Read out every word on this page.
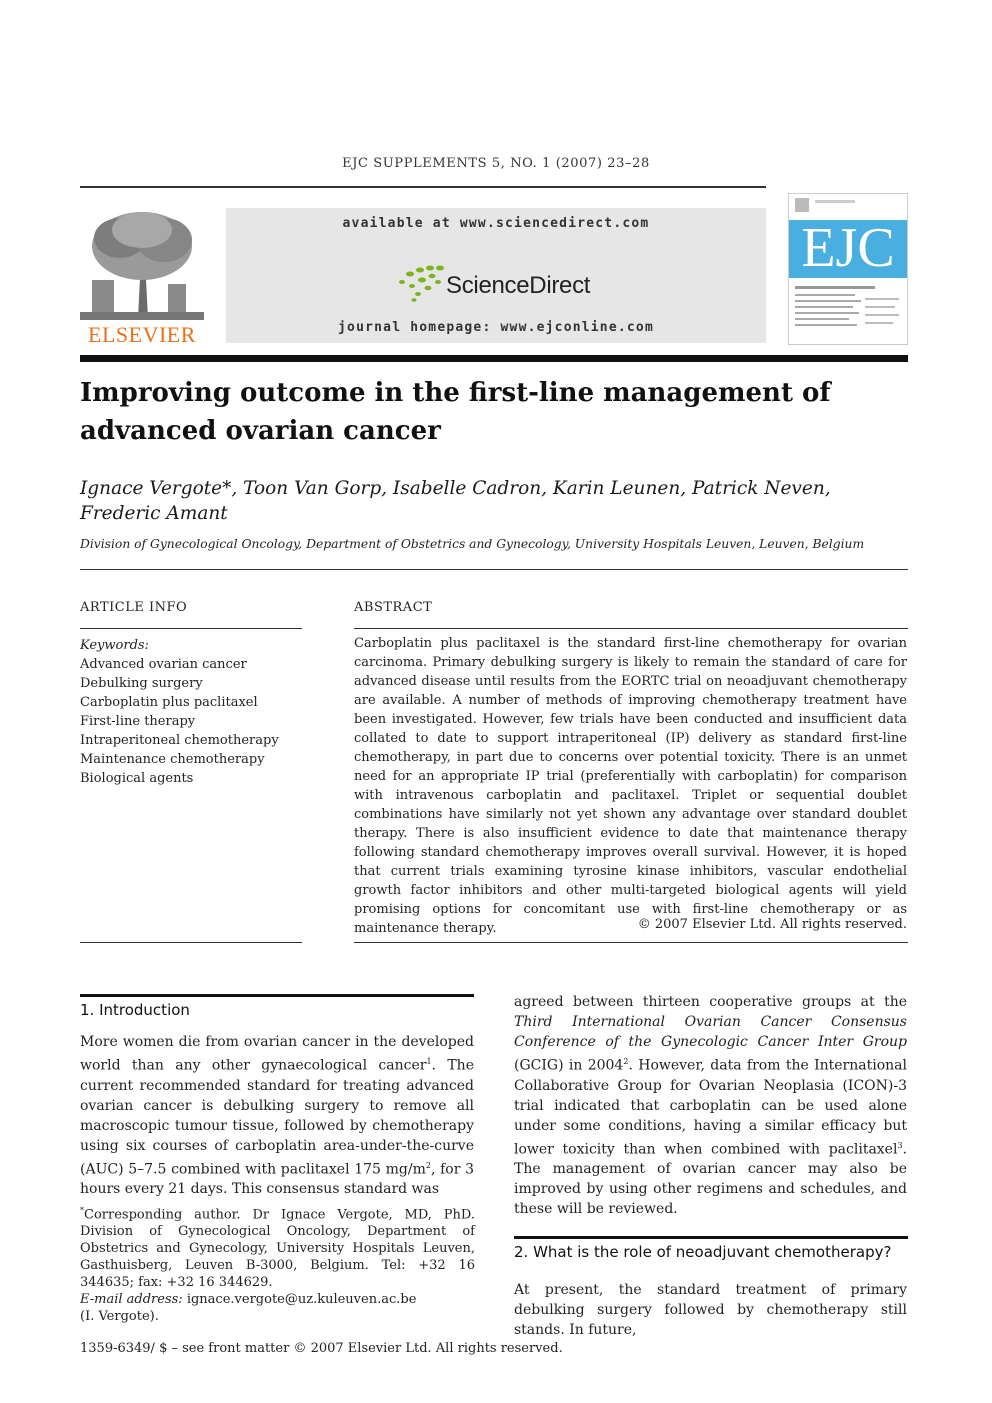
EJC SUPPLEMENTS 5, NO. 1 (2007) 23–28
ELSEVIER
available at www.sciencedirect.com
ScienceDirect
journal homepage: www.ejconline.com
EJC
Improving outcome in the first-line management of advanced ovarian cancer
Ignace Vergote*, Toon Van Gorp, Isabelle Cadron, Karin Leunen, Patrick Neven,
Frederic Amant
Division of Gynecological Oncology, Department of Obstetrics and Gynecology, University Hospitals Leuven, Leuven, Belgium
ARTICLE INFO
Keywords:
Advanced ovarian cancer
Debulking surgery
Carboplatin plus paclitaxel
First-line therapy
Intraperitoneal chemotherapy
Maintenance chemotherapy
Biological agents
ABSTRACT
Carboplatin plus paclitaxel is the standard first-line chemotherapy for ovarian carcinoma. Primary debulking surgery is likely to remain the standard of care for advanced disease until results from the EORTC trial on neoadjuvant chemotherapy are available. A number of methods of improving chemotherapy treatment have been investigated. However, few trials have been conducted and insufficient data collated to date to support intraperitoneal (IP) delivery as standard first-line chemotherapy, in part due to concerns over potential toxicity. There is an unmet need for an appropriate IP trial (preferentially with carboplatin) for comparison with intravenous carboplatin and paclitaxel. Triplet or sequential doublet combinations have similarly not yet shown any advantage over standard doublet therapy. There is also insufficient evidence to date that maintenance therapy following standard chemotherapy improves overall survival. However, it is hoped that current trials examining tyrosine kinase inhibitors, vascular endothelial growth factor inhibitors and other multi-targeted biological agents will yield promising options for concomitant use with first-line chemotherapy or as maintenance therapy.	© 2007 Elsevier Ltd. All rights reserved.
1. Introduction
More women die from ovarian cancer in the developed world than any other gynaecological cancer$^1$. The current recommended standard for treating advanced ovarian cancer is debulking surgery to remove all macroscopic tumour tissue, followed by chemotherapy using six courses of carboplatin area-under-the-curve (AUC) 5–7.5 combined with paclitaxel 175 $mg/m^2$, for 3 hours every 21 days. This consensus standard was
*Corresponding author. Dr Ignace Vergote, MD, PhD. Division of Gynecological Oncology, Department of Obstetrics and Gynecology, University Hospitals Leuven, Gasthuisberg, Leuven B-3000, Belgium. Tel: +32 16 344635; fax: +32 16 344629.
E-mail address: ignace.vergote@uz.kuleuven.ac.be
(I. Vergote).
agreed between thirteen cooperative groups at the Third International Ovarian Cancer Consensus Conference of the Gynecologic Cancer Inter Group (GCIG) in 2004$^2$. However, data from the International Collaborative Group for Ovarian Neoplasia (ICON)-3 trial indicated that carboplatin can be used alone under some conditions, having a similar efficacy but lower toxicity than when combined with paclitaxel$^3$. The management of ovarian cancer may also be improved by using other regimens and schedules, and these will be reviewed.
2. What is the role of neoadjuvant chemotherapy?
At present, the standard treatment of primary debulking surgery followed by chemotherapy still stands. In future,
1359-6349/ $ – see front matter © 2007 Elsevier Ltd. All rights reserved.
